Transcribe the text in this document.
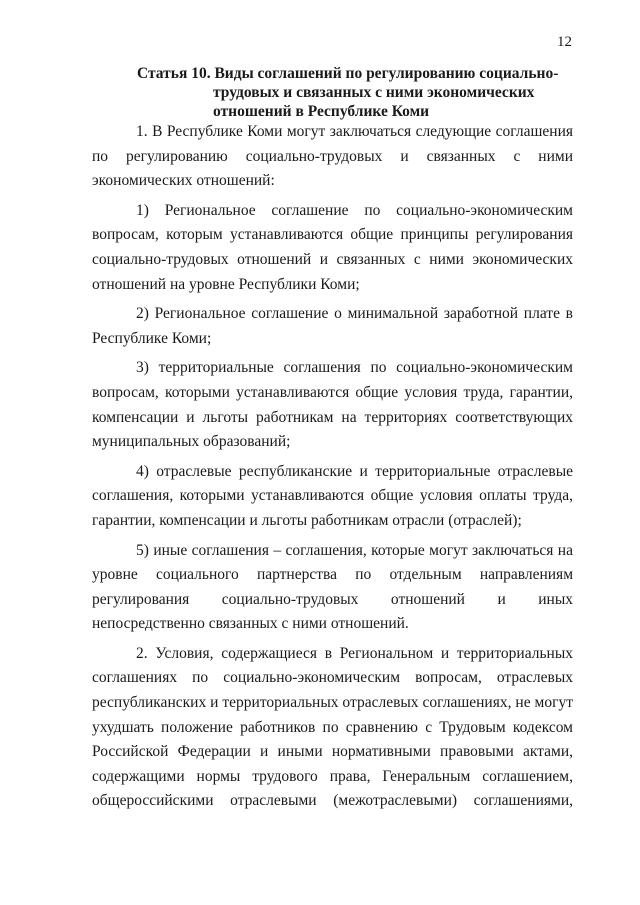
12
Статья 10. Виды соглашений по регулированию социально-
трудовых и связанных с ними экономических отношений в Республике Коми

1. В Республике Коми могут заключаться следующие соглашения по регулированию социально-трудовых и связанных с ними экономических отношений:

1) Региональное соглашение по социально-экономическим вопросам, которым устанавливаются общие принципы регулирования социально-трудовых отношений и связанных с ними экономических отношений на уровне Республики Коми;

2) Региональное соглашение о минимальной заработной плате в Республике Коми;

3) территориальные соглашения по социально-экономическим вопросам, которыми устанавливаются общие условия труда, гарантии, компенсации и льготы работникам на территориях соответствующих муниципальных образований;

4) отраслевые республиканские и территориальные отраслевые соглашения, которыми устанавливаются общие условия оплаты труда, гарантии, компенсации и льготы работникам отрасли (отраслей);

5) иные соглашения – соглашения, которые могут заключаться на уровне социального партнерства по отдельным направлениям регулирования социально-трудовых отношений и иных непосредственно связанных с ними отношений.

2. Условия, содержащиеся в Региональном и территориальных соглашениях по социально-экономическим вопросам, отраслевых республиканских и территориальных отраслевых соглашениях, не могут ухудшать положение работников по сравнению с Трудовым кодексом Российской Федерации и иными нормативными правовыми актами, содержащими нормы трудового права, Генеральным соглашением, общероссийскими отраслевыми (межотраслевыми) соглашениями,
